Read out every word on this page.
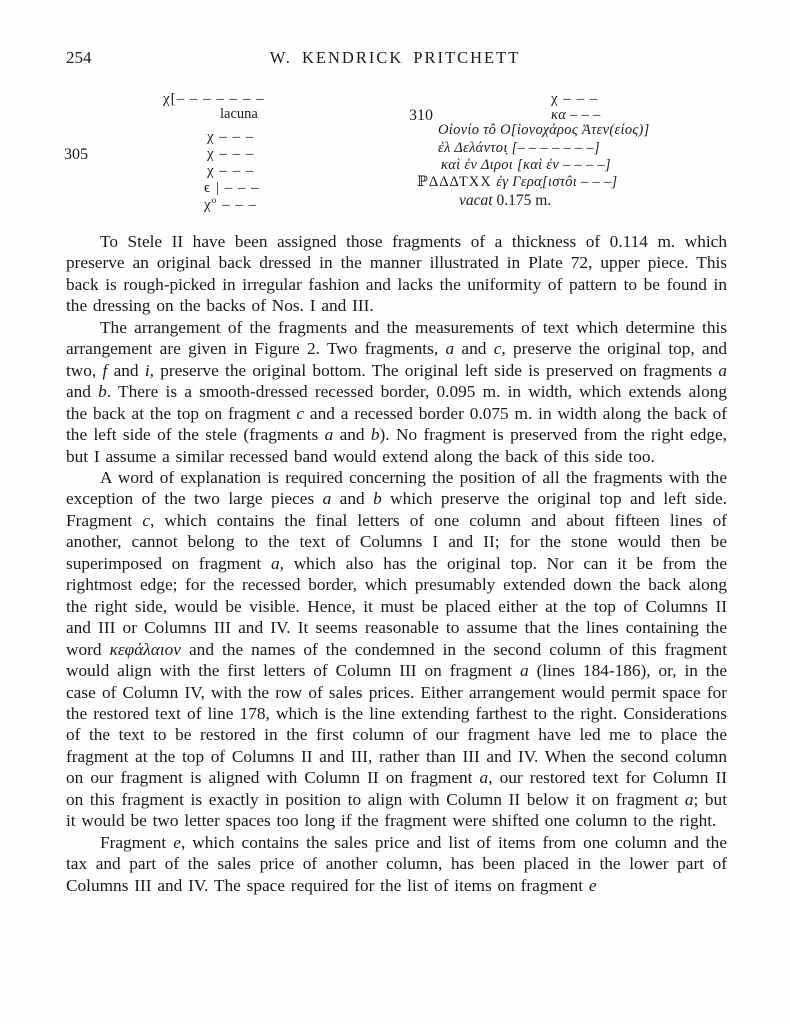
254	W. KENDRICK PRITCHETT
305
χ[– – – – – – –
lacuna
χ – – –
χ – – –
χ – – –
ϵ | – – –
$\chi^o$ – – –
310
χ – – –
κα – – –
Οἰονίο τô Ο[ἰονοχάρος Ἀτεν(είος)]
ἐλ Δελάντοι̣ [– – – – – – –]
καὶ ἐν Διροι [καὶ ἐν – – – –]
ℙΔΔΔΤΧΧ ἐγ Γερα̣[ιστôι – – –]
vacat 0.175 m.

To Stele II have been assigned those fragments of a thickness of 0.114 m. which preserve an original back dressed in the manner illustrated in Plate 72, upper piece. This back is rough-picked in irregular fashion and lacks the uniformity of pattern to be found in the dressing on the backs of Nos. I and III.

The arrangement of the fragments and the measurements of text which determine this arrangement are given in Figure 2. Two fragments, a and c, preserve the original top, and two, f and i, preserve the original bottom. The original left side is preserved on fragments a and b. There is a smooth-dressed recessed border, 0.095 m. in width, which extends along the back at the top on fragment c and a recessed border 0.075 m. in width along the back of the left side of the stele (fragments a and b). No fragment is preserved from the right edge, but I assume a similar recessed band would extend along the back of this side too.

A word of explanation is required concerning the position of all the fragments with the exception of the two large pieces a and b which preserve the original top and left side. Fragment c, which contains the final letters of one column and about fifteen lines of another, cannot belong to the text of Columns I and II; for the stone would then be superimposed on fragment a, which also has the original top. Nor can it be from the rightmost edge; for the recessed border, which presumably extended down the back along the right side, would be visible. Hence, it must be placed either at the top of Columns II and III or Columns III and IV. It seems reasonable to assume that the lines containing the word κεφάλαιον and the names of the condemned in the second column of this fragment would align with the first letters of Column III on fragment a (lines 184-186), or, in the case of Column IV, with the row of sales prices. Either arrangement would permit space for the restored text of line 178, which is the line extending farthest to the right. Considerations of the text to be restored in the first column of our fragment have led me to place the fragment at the top of Columns II and III, rather than III and IV. When the second column on our fragment is aligned with Column II on fragment a, our restored text for Column II on this fragment is exactly in position to align with Column II below it on fragment a; but it would be two letter spaces too long if the fragment were shifted one column to the right.

Fragment e, which contains the sales price and list of items from one column and the tax and part of the sales price of another column, has been placed in the lower part of Columns III and IV. The space required for the list of items on fragment e
